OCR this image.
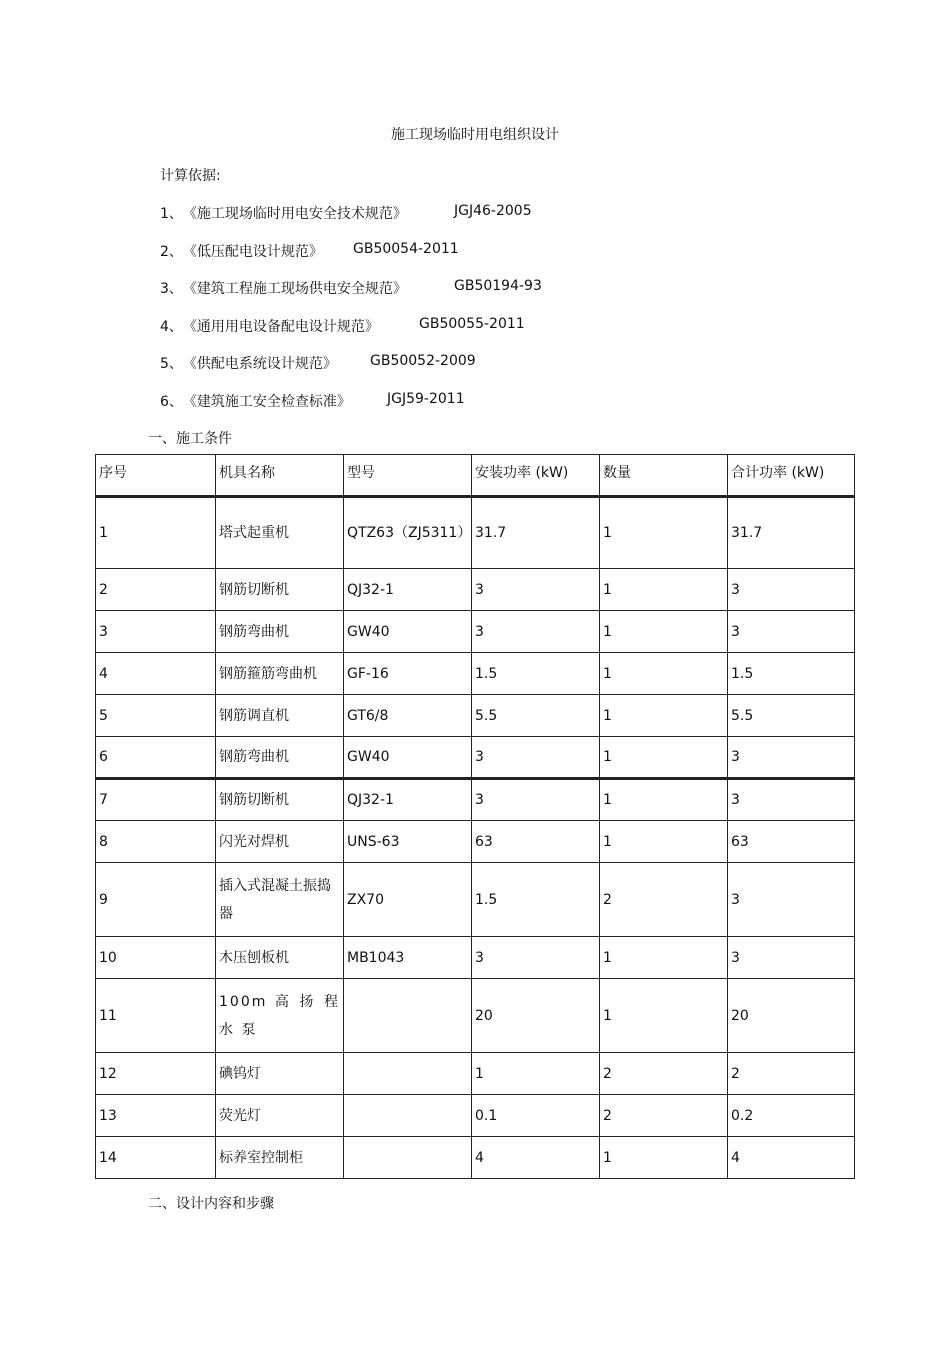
施工现场临时用电组织设计
计算依据:
1、《施工现场临时用电安全技术规范》	JGJ46-2005
2、《低压配电设计规范》 GB50054-2011
3、《建筑工程施工现场供电安全规范》	GB50194-93
4、《通用用电设备配电设计规范》	GB50055-2011
5、《供配电系统设计规范》 GB50052-2009
6、《建筑施工安全检查标准》	JGJ59-2011
一、施工条件
序号	机具名称	型号	安装功率 (kW)	数量	合计功率 (kW)
1	塔式起重机	QTZ63（ZJ5311）	31.7	1	31.7
2	钢筋切断机	QJ32-1	3	1	3
3	钢筋弯曲机	GW40	3	1	3
4	钢筋箍筋弯曲机	GF-16	1.5	1	1.5
5	钢筋调直机	GT6/8	5.5	1	5.5
6	钢筋弯曲机	GW40	3	1	3
7	钢筋切断机	QJ32-1	3	1	3
8	闪光对焊机	UNS-63	63	1	63
9	插入式混凝土振捣器	ZX70	1.5	2	3
10	木压刨板机	MB1043	3	1	3
11	100m 高 扬 程 水 泵		20	1	20
12	碘钨灯		1	2	2
13	荧光灯		0.1	2	0.2
14	标养室控制柜		4	1	4
二、设计内容和步骤
